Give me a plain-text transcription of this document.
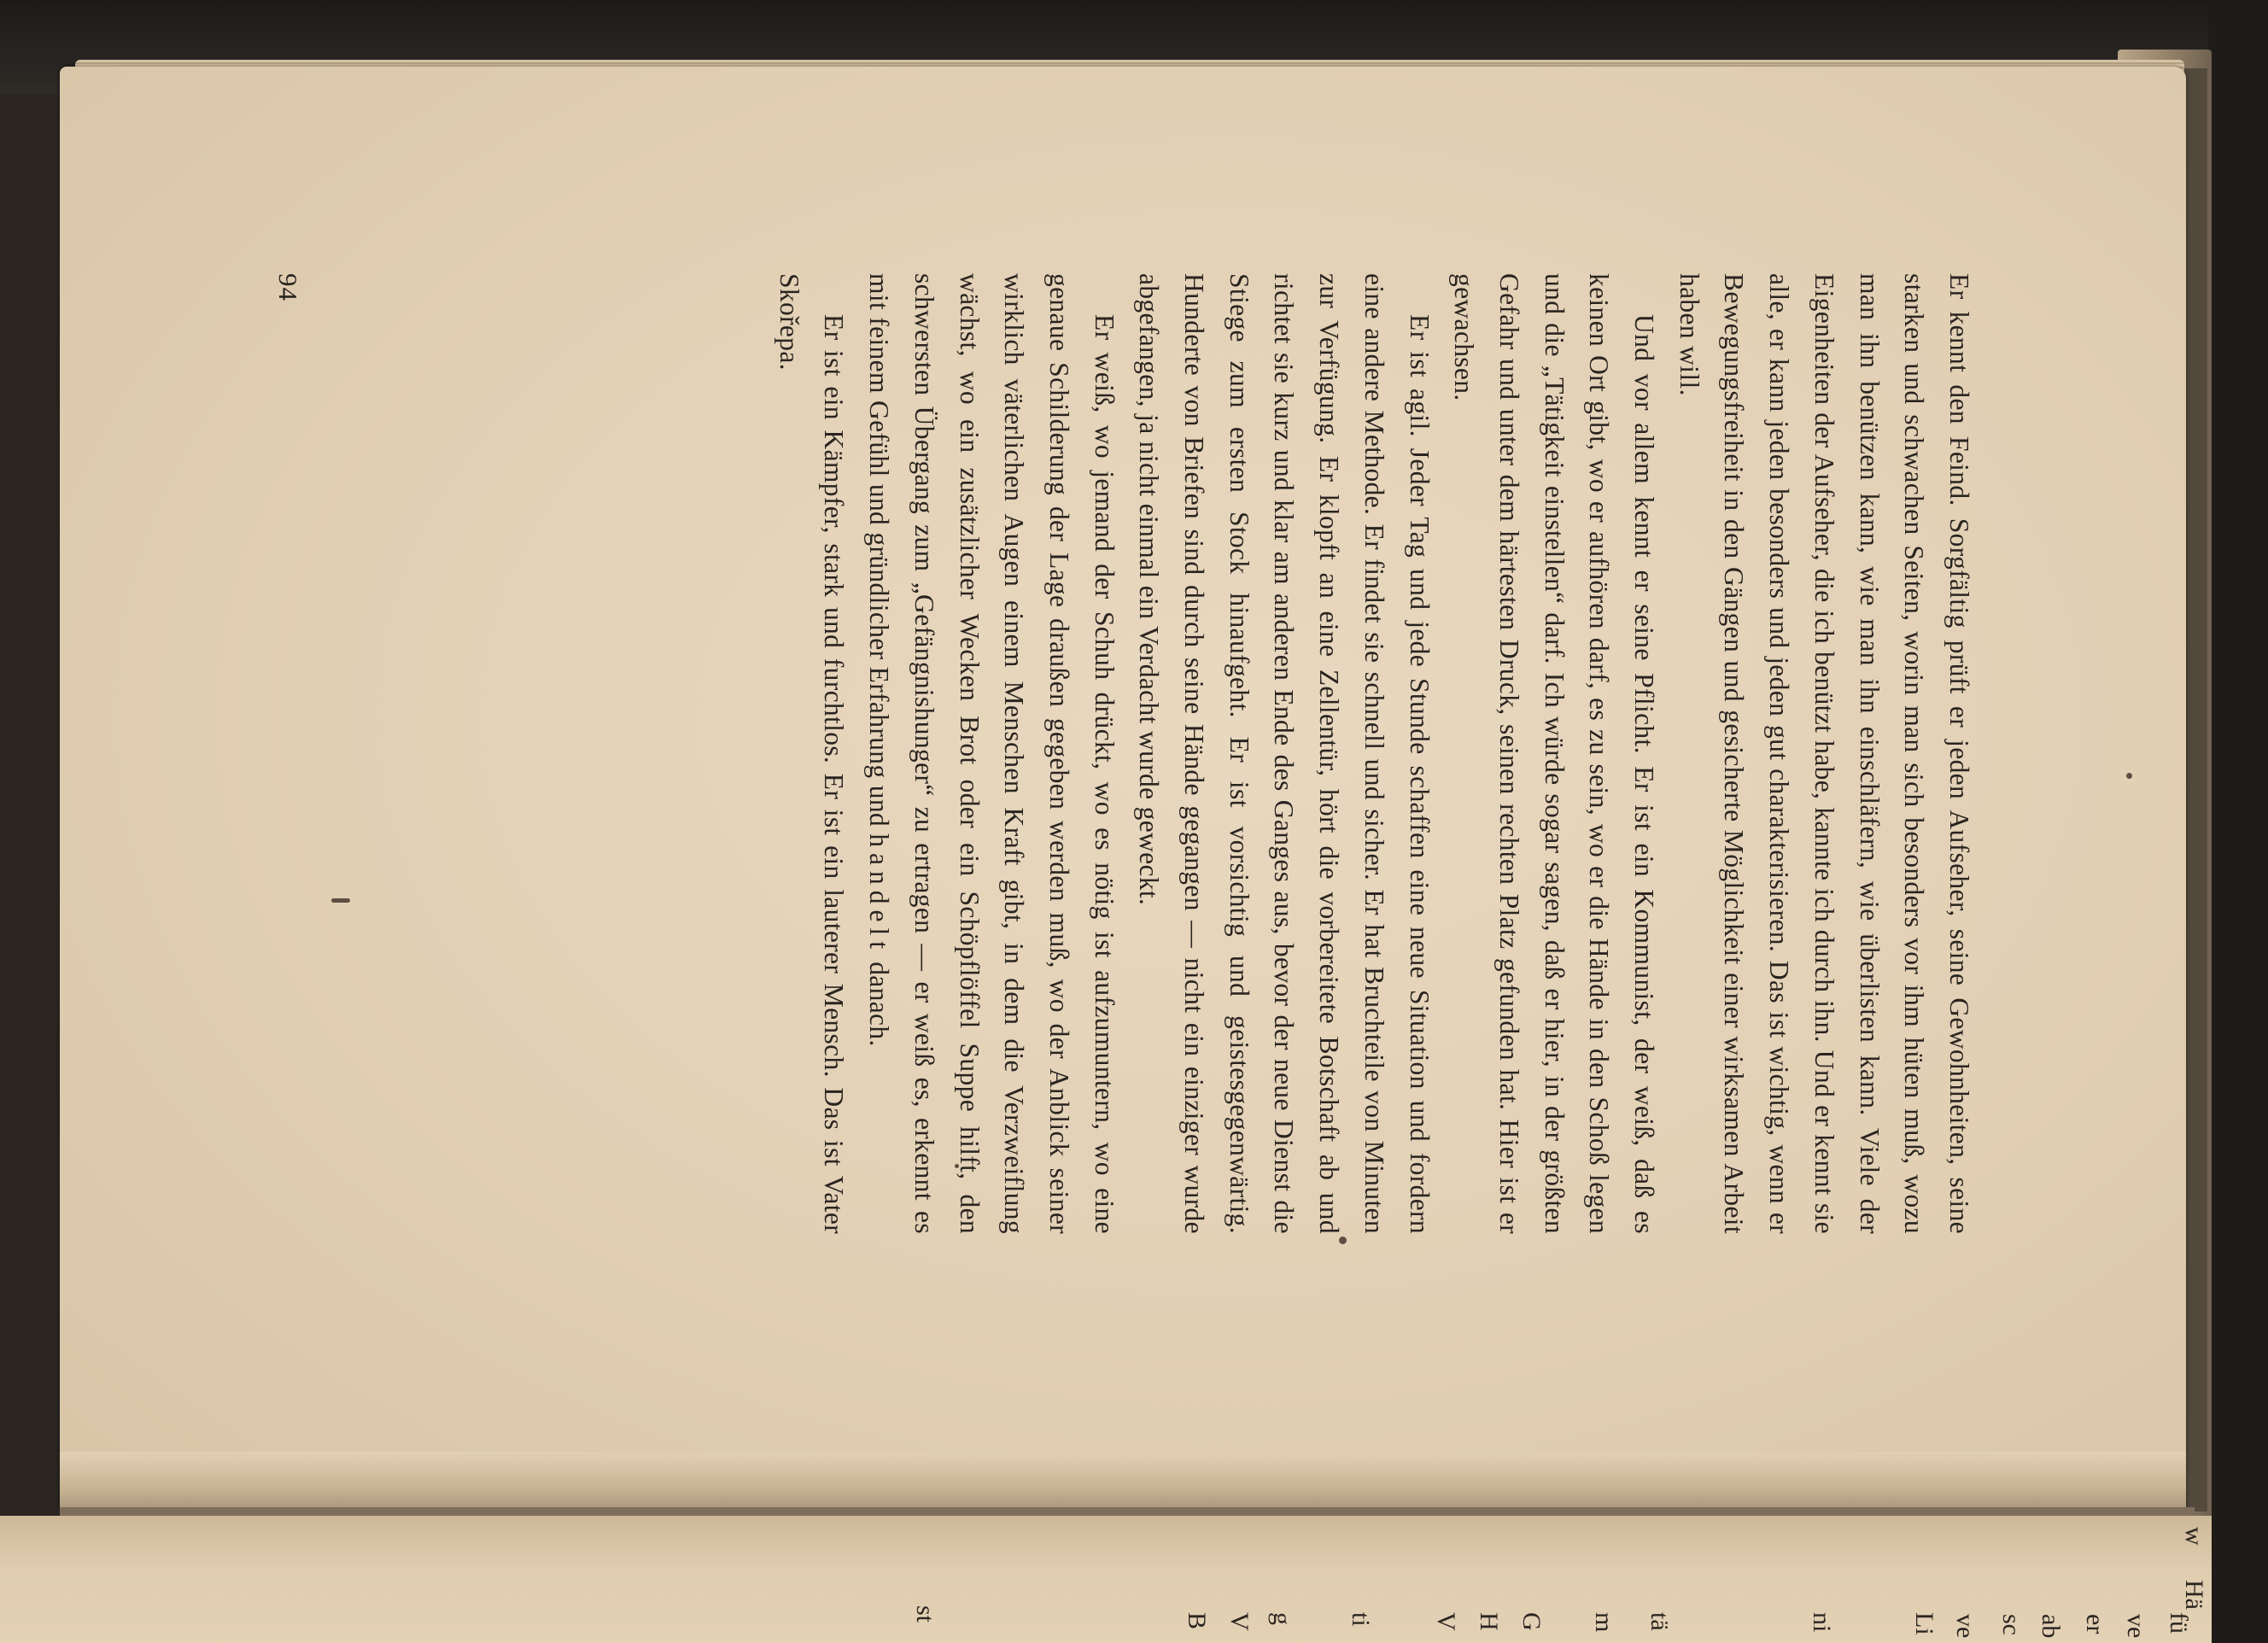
Er kennt den Feind. Sorgfältig prüft er jeden Aufseher, seine Gewohnheiten, seine starken und schwachen Seiten, worin man sich besonders vor ihm hüten muß, wozu man ihn benützen kann, wie man ihn einschläfern, wie überlisten kann. Viele der Eigenheiten der Aufseher, die ich benützt habe, kannte ich durch ihn. Und er kennt sie alle, er kann jeden besonders und jeden gut charakterisieren. Das ist wichtig, wenn er Bewegungsfreiheit in den Gängen und gesicherte Möglichkeit einer wirksamen Arbeit haben will.

Und vor allem kennt er seine Pflicht. Er ist ein Kommunist, der weiß, daß es keinen Ort gibt, wo er aufhören darf, es zu sein, wo er die Hände in den Schoß legen und die „Tätigkeit einstellen“ darf. Ich würde sogar sagen, daß er hier, in der größten Gefahr und unter dem härtesten Druck, seinen rechten Platz gefunden hat. Hier ist er gewachsen.

Er ist agil. Jeder Tag und jede Stunde schaffen eine neue Situation und fordern eine andere Methode. Er findet sie schnell und sicher. Er hat Bruchteile von Minuten zur Verfügung. Er klopft an eine Zellentür, hört die vorbereitete Botschaft ab und richtet sie kurz und klar am anderen Ende des Ganges aus, bevor der neue Dienst die Stiege zum ersten Stock hinaufgeht. Er ist vorsichtig und geistesgegenwärtig. Hunderte von Briefen sind durch seine Hände gegangen — nicht ein einziger wurde abgefangen, ja nicht einmal ein Verdacht wurde geweckt.

Er weiß, wo jemand der Schuh drückt, wo es nötig ist aufzumuntern, wo eine genaue Schilderung der Lage draußen gegeben werden muß, wo der Anblick seiner wirklich väterlichen Augen einem Menschen Kraft gibt, in dem die Verzweiflung wächst, wo ein zusätzlicher Wecken Brot oder ein Schöpflöffel Suppe hilft, den schwersten Übergang zum „Gefängnishunger“ zu ertragen — er weiß es, erkennt es mit feinem Gefühl und gründlicher Erfahrung und handelt danach.

Er ist ein Kämpfer, stark und furchtlos. Er ist ein lauterer Mensch. Das ist Vater Skořepa.

94
w
Hä
fü
ve
er
ab
sc
ve
Li
ni
tä
m
G
H
V
ti
g
V
B
st
